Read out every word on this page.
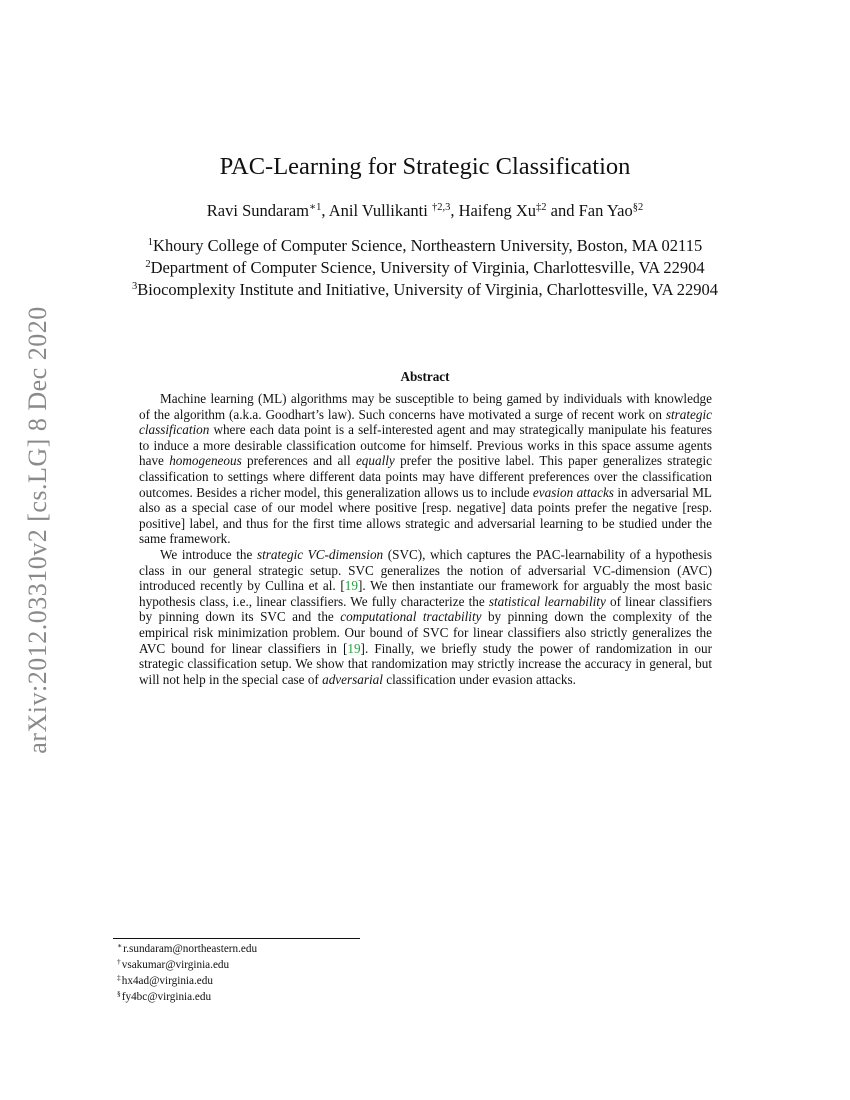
arXiv:2012.03310v2 [cs.LG] 8 Dec 2020
PAC-Learning for Strategic Classification
Ravi Sundaram$^{∗1}$, Anil Vullikanti $^{\dagger 2,3}$, Haifeng Xu$^{\ddagger 2}$ and Fan Yao$^{\S 2}$
$^1$Khoury College of Computer Science, Northeastern University, Boston, MA 02115
$^2$Department of Computer Science, University of Virginia, Charlottesville, VA 22904
$^3$Biocomplexity Institute and Initiative, University of Virginia, Charlottesville, VA 22904
Abstract

Machine learning (ML) algorithms may be susceptible to being gamed by individuals with knowledge of the algorithm (a.k.a. Goodhart’s law). Such concerns have motivated a surge of recent work on strategic classification where each data point is a self-interested agent and may strategically manipulate his features to induce a more desirable classification outcome for himself. Previous works in this space assume agents have homogeneous preferences and all equally prefer the positive label. This paper generalizes strategic classification to settings where different data points may have different preferences over the classification outcomes. Besides a richer model, this generalization allows us to include evasion attacks in adversarial ML also as a special case of our model where positive [resp. negative] data points prefer the negative [resp. positive] label, and thus for the first time allows strategic and adversarial learning to be studied under the same framework.

We introduce the strategic VC-dimension (SVC), which captures the PAC-learnability of a hypothesis class in our general strategic setup. SVC generalizes the notion of adversarial VC-dimension (AVC) introduced recently by Cullina et al. [19]. We then instantiate our framework for arguably the most basic hypothesis class, i.e., linear classifiers. We fully characterize the statistical learnability of linear classifiers by pinning down its SVC and the computational tractability by pinning down the complexity of the empirical risk minimization problem. Our bound of SVC for linear classifiers also strictly generalizes the AVC bound for linear classifiers in [19]. Finally, we briefly study the power of randomization in our strategic classification setup. We show that randomization may strictly increase the accuracy in general, but will not help in the special case of adversarial classification under evasion attacks.

∗r.sundaram@northeastern.edu
†vsakumar@virginia.edu
‡hx4ad@virginia.edu
§fy4bc@virginia.edu
